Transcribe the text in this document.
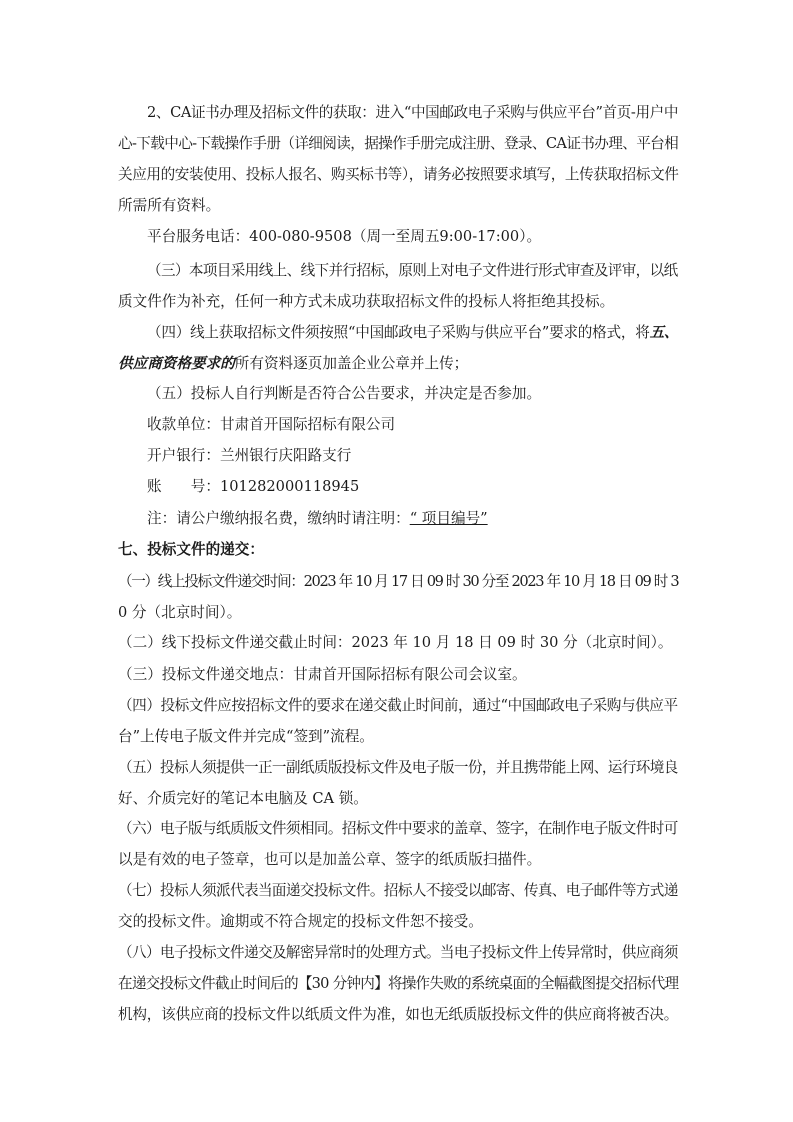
2、CA证书办理及招标文件的获取：进入“中国邮政电子采购与供应平台”首页-用户中
心-下载中心-下载操作手册（详细阅读，据操作手册完成注册、登录、CA证书办理、平台相
关应用的安装使用、投标人报名、购买标书等），请务必按照要求填写，上传获取招标文件
所需所有资料。
平台服务电话：400-080-9508（周一至周五9:00-17:00）。
（三）本项目采用线上、线下并行招标，原则上对电子文件进行形式审查及评审，以纸
质文件作为补充，任何一种方式未成功获取招标文件的投标人将拒绝其投标。
（四）线上获取招标文件须按照“中国邮政电子采购与供应平台”要求的格式，将五、
供应商资格要求的所有资料逐页加盖企业公章并上传；
（五）投标人自行判断是否符合公告要求，并决定是否参加。
收款单位：甘肃首开国际招标有限公司
开户银行：兰州银行庆阳路支行
账　　号：101282000118945
注：请公户缴纳报名费，缴纳时请注明：“ 项目编号”
七、投标文件的递交：
（一）线上投标文件递交时间：2023 年 10 月 17 日 09 时 30 分至 2023 年 10 月 18 日 09 时 3
0 分（北京时间）。
（二）线下投标文件递交截止时间：2023 年 10 月 18 日 09 时 30 分（北京时间）。
（三）投标文件递交地点：甘肃首开国际招标有限公司会议室。
（四）投标文件应按招标文件的要求在递交截止时间前，通过“中国邮政电子采购与供应平
台”上传电子版文件并完成“签到”流程。
（五）投标人须提供一正一副纸质版投标文件及电子版一份，并且携带能上网、运行环境良
好、介质完好的笔记本电脑及 CA 锁。
（六）电子版与纸质版文件须相同。招标文件中要求的盖章、签字，在制作电子版文件时可
以是有效的电子签章，也可以是加盖公章、签字的纸质版扫描件。
（七）投标人须派代表当面递交投标文件。招标人不接受以邮寄、传真、电子邮件等方式递
交的投标文件。逾期或不符合规定的投标文件恕不接受。
（八）电子投标文件递交及解密异常时的处理方式。当电子投标文件上传异常时，供应商须
在递交投标文件截止时间后的【30 分钟内】将操作失败的系统桌面的全幅截图提交招标代理
机构，该供应商的投标文件以纸质文件为准，如也无纸质版投标文件的供应商将被否决。
